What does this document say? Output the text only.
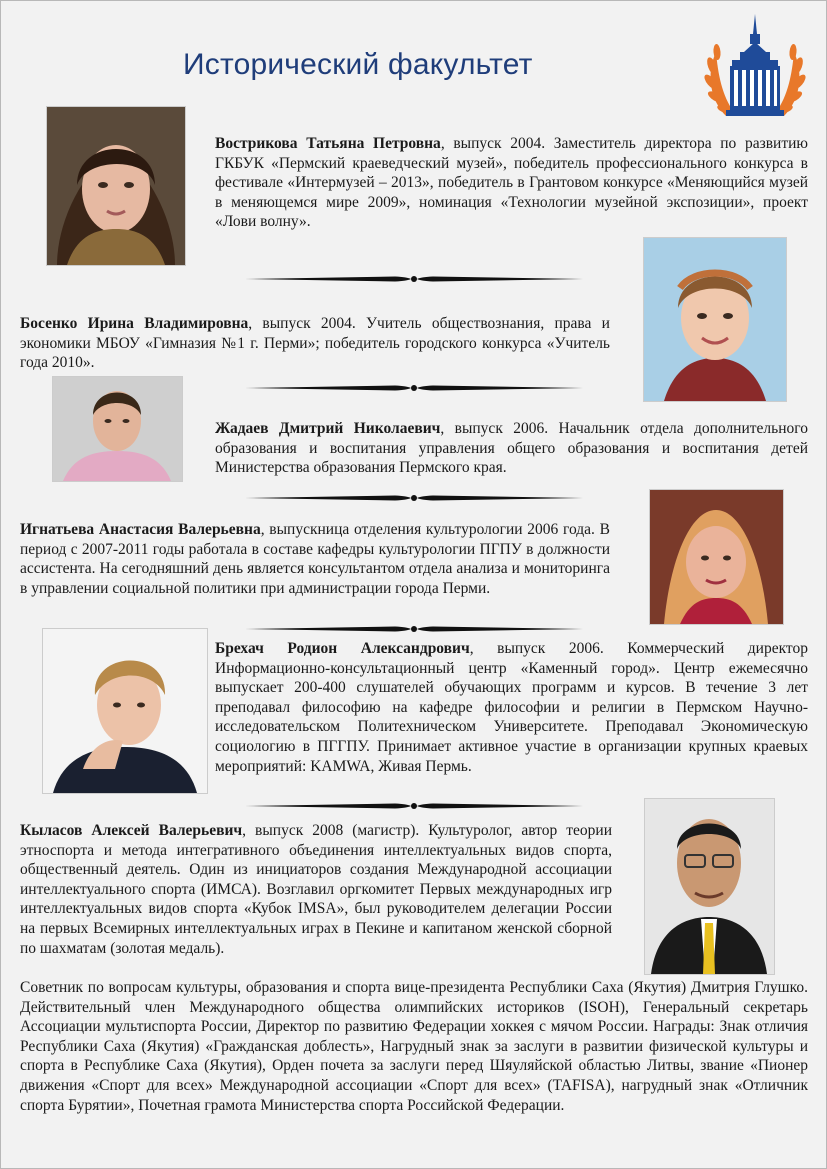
Исторический факультет
Вострикова Татьяна Петровна, выпуск 2004. Заместитель директора по развитию ГКБУК «Пермский краеведческий музей», победитель профессионального конкурса в фестивале «Интермузей – 2013», победитель в Грантовом конкурсе «Меняющийся музей в меняющемся мире 2009», номинация «Технологии музейной экспозиции», проект «Лови волну».
Босенко Ирина Владимировна, выпуск 2004. Учитель обществознания, права и экономики МБОУ «Гимназия №1 г. Перми»; победитель городского конкурса «Учитель года 2010».
Жадаев Дмитрий Николаевич, выпуск 2006. Начальник отдела дополнительного образования и воспитания управления общего образования и воспитания детей Министерства образования Пермского края.
Игнатьева Анастасия Валерьевна, выпускница отделения культурологии 2006 года. В период с 2007-2011 годы работала в составе кафедры культурологии ПГПУ в должности ассистента. На сегодняшний день является консультантом отдела анализа и мониторинга в управлении социальной политики при администрации города Перми.
Брехач Родион Александрович, выпуск 2006. Коммерческий директор Информационно-консультационный центр «Каменный город». Центр ежемесячно выпускает 200-400 слушателей обучающих программ и курсов. В течение 3 лет преподавал философию на кафедре философии и религии в Пермском Научно-исследовательском Политехническом Университете. Преподавал Экономическую социологию в ПГГПУ. Принимает активное участие в организации крупных краевых мероприятий: KAMWA, Живая Пермь.
Кыласов Алексей Валерьевич, выпуск 2008 (магистр). Культуролог, автор теории этноспорта и метода интегративного объединения интеллектуальных видов спорта, общественный деятель. Один из инициаторов создания Международной ассоциации интеллектуального спорта (ИМСА). Возглавил оргкомитет Первых международных игр интеллектуальных видов спорта «Кубок IMSA», был руководителем делегации России на первых Всемирных интеллектуальных играх в Пекине и капитаном женской сборной по шахматам (золотая медаль).
Советник по вопросам культуры, образования и спорта вице-президента Республики Саха (Якутия) Дмитрия Глушко. Действительный член Международного общества олимпийских историков (ISOH), Генеральный секретарь Ассоциации мультиспорта России, Директор по развитию Федерации хоккея с мячом России. Награды: Знак отличия Республики Саха (Якутия) «Гражданская доблесть», Нагрудный знак за заслуги в развитии физической культуры и спорта в Республике Саха (Якутия), Орден почета за заслуги перед Шяуляйской областью Литвы, звание «Пионер движения «Спорт для всех» Международной ассоциации «Спорт для всех» (TAFISA), нагрудный знак «Отличник спорта Бурятии», Почетная грамота Министерства спорта Российской Федерации.
